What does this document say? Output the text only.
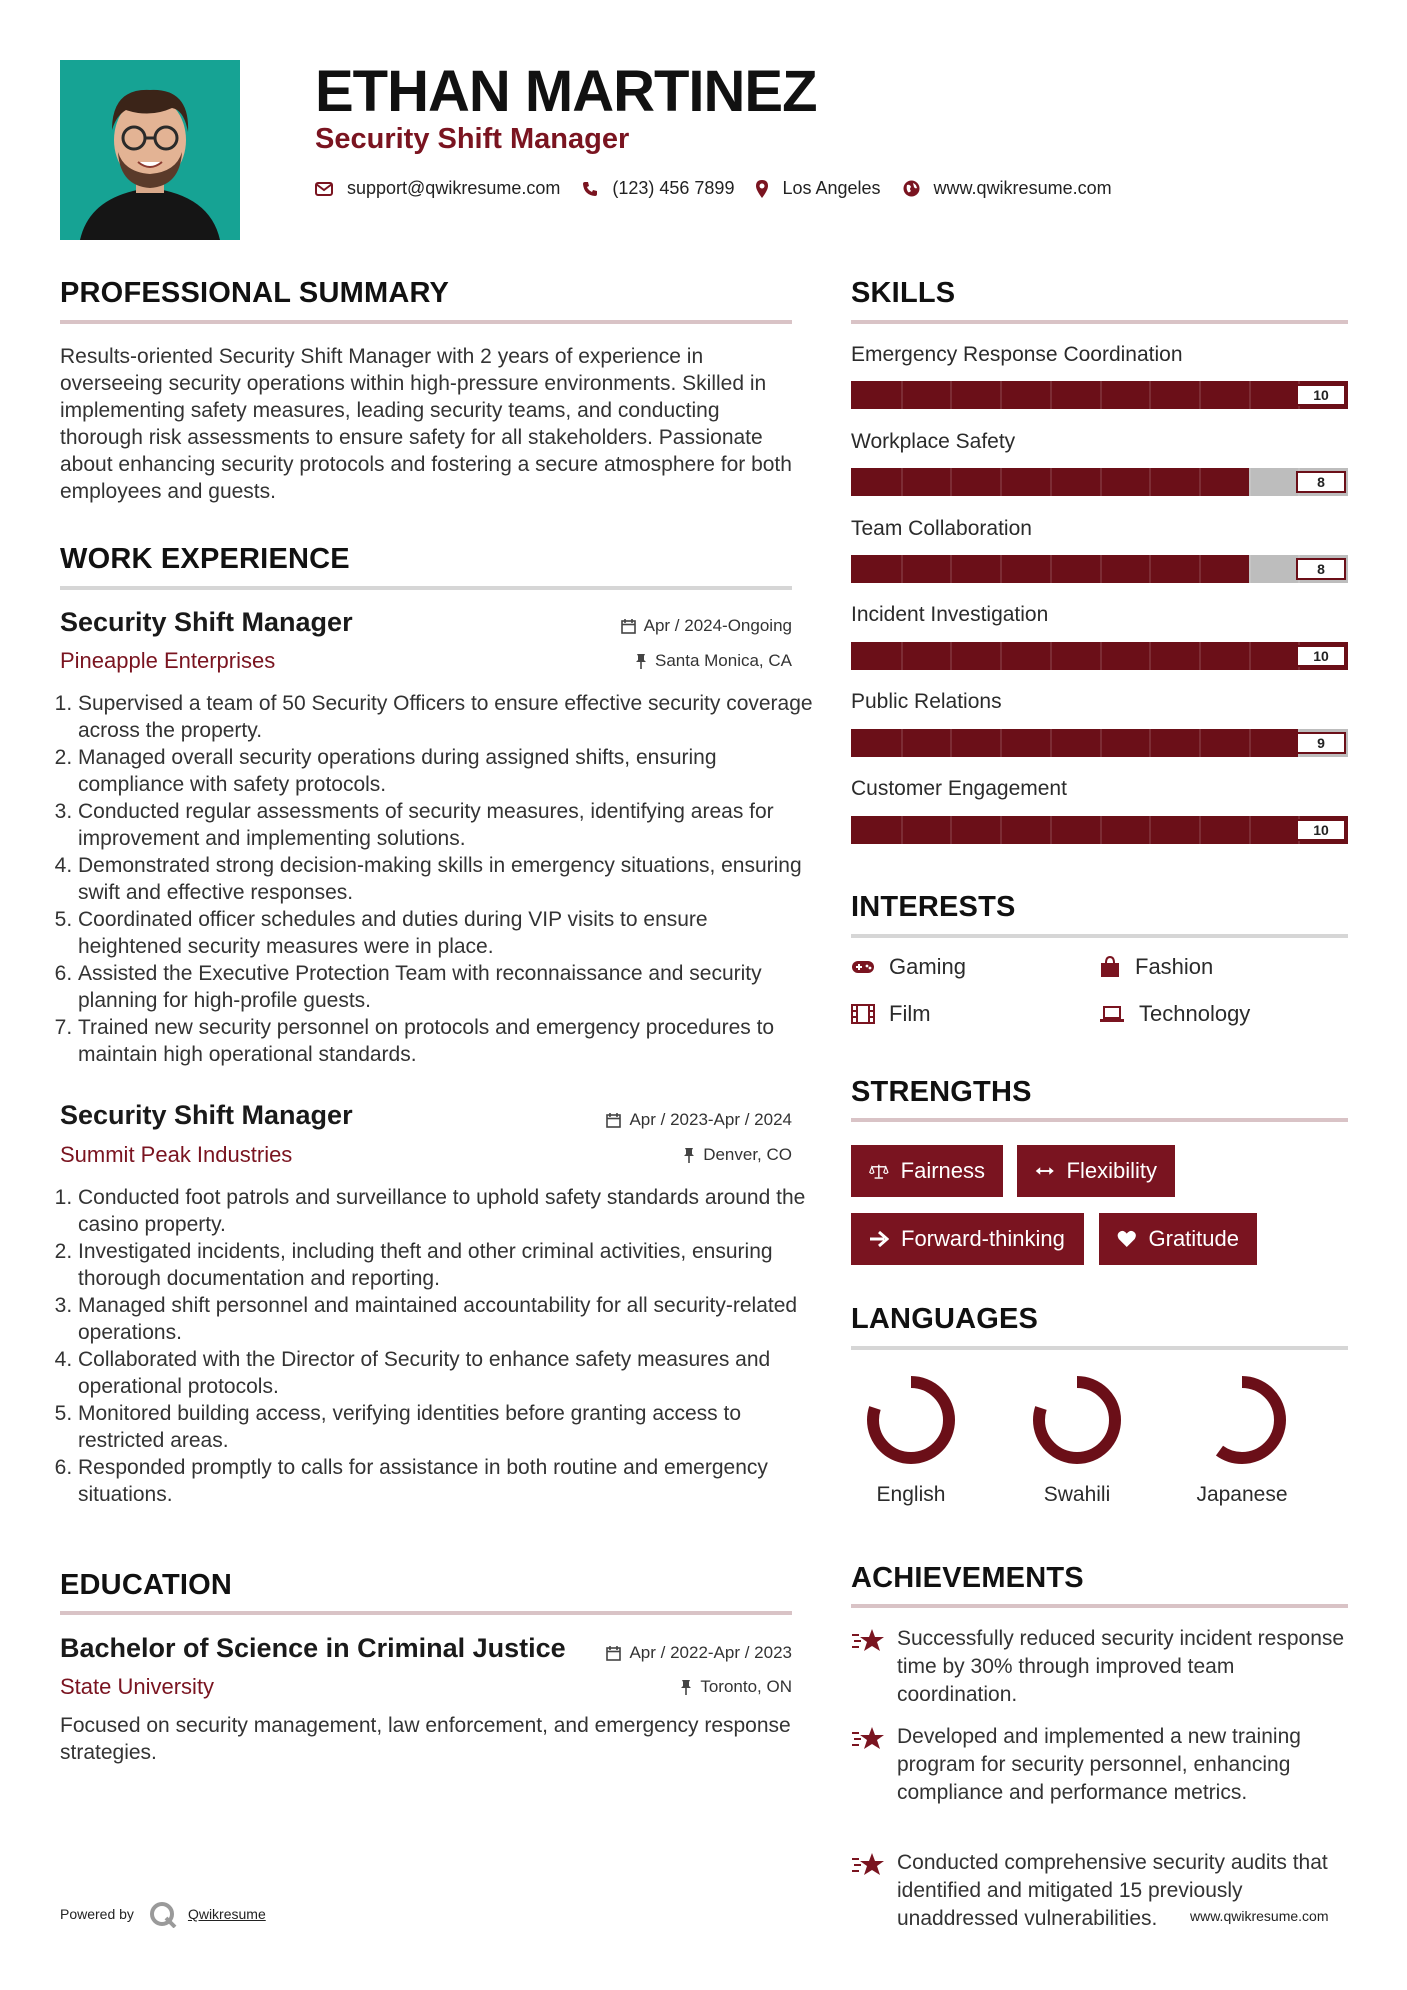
ETHAN MARTINEZ
Security Shift Manager
support@qwikresume.com	(123) 456 7899	Los Angeles	www.qwikresume.com
PROFESSIONAL SUMMARY

Results-oriented Security Shift Manager with 2 years of experience in overseeing security operations within high-pressure environments. Skilled in implementing safety measures, leading security teams, and conducting thorough risk assessments to ensure safety for all stakeholders. Passionate about enhancing security protocols and fostering a secure atmosphere for both employees and guests.

WORK EXPERIENCE
Security Shift Manager	Apr / 2024-Ongoing

Pineapple Enterprises	Santa Monica, CA
1. Supervised a team of 50 Security Officers to ensure effective security coverage across the property.
2. Managed overall security operations during assigned shifts, ensuring compliance with safety protocols.
3. Conducted regular assessments of security measures, identifying areas for improvement and implementing solutions.
4. Demonstrated strong decision-making skills in emergency situations, ensuring swift and effective responses.
5. Coordinated officer schedules and duties during VIP visits to ensure heightened security measures were in place.
6. Assisted the Executive Protection Team with reconnaissance and security planning for high-profile guests.
7. Trained new security personnel on protocols and emergency procedures to maintain high operational standards.
Security Shift Manager	Apr / 2023-Apr / 2024

Summit Peak Industries	Denver, CO
1. Conducted foot patrols and surveillance to uphold safety standards around the casino property.
2. Investigated incidents, including theft and other criminal activities, ensuring thorough documentation and reporting.
3. Managed shift personnel and maintained accountability for all security-related operations.
4. Collaborated with the Director of Security to enhance safety measures and operational protocols.
5. Monitored building access, verifying identities before granting access to restricted areas.
6. Responded promptly to calls for assistance in both routine and emergency situations.
EDUCATION
Bachelor of Science in Criminal Justice	Apr / 2022-Apr / 2023

State University	Toronto, ON

Focused on security management, law enforcement, and emergency response strategies.

SKILLS

Emergency Response Coordination

10

Workplace Safety

8

Team Collaboration

8

Incident Investigation

10

Public Relations

9

Customer Engagement

10
INTERESTS
Gaming	Fashion
Film	Technology
STRENGTHS
Fairness	Flexibility
Forward-thinking	Gratitude
LANGUAGES
English	Swahili	Japanese
ACHIEVEMENTS

Successfully reduced security incident response time by 30% through improved team coordination.

Developed and implemented a new training program for security personnel, enhancing compliance and performance metrics.

Conducted comprehensive security audits that identified and mitigated 15 previously unaddressed vulnerabilities.

Powered by	Qwikresume	www.qwikresume.com
